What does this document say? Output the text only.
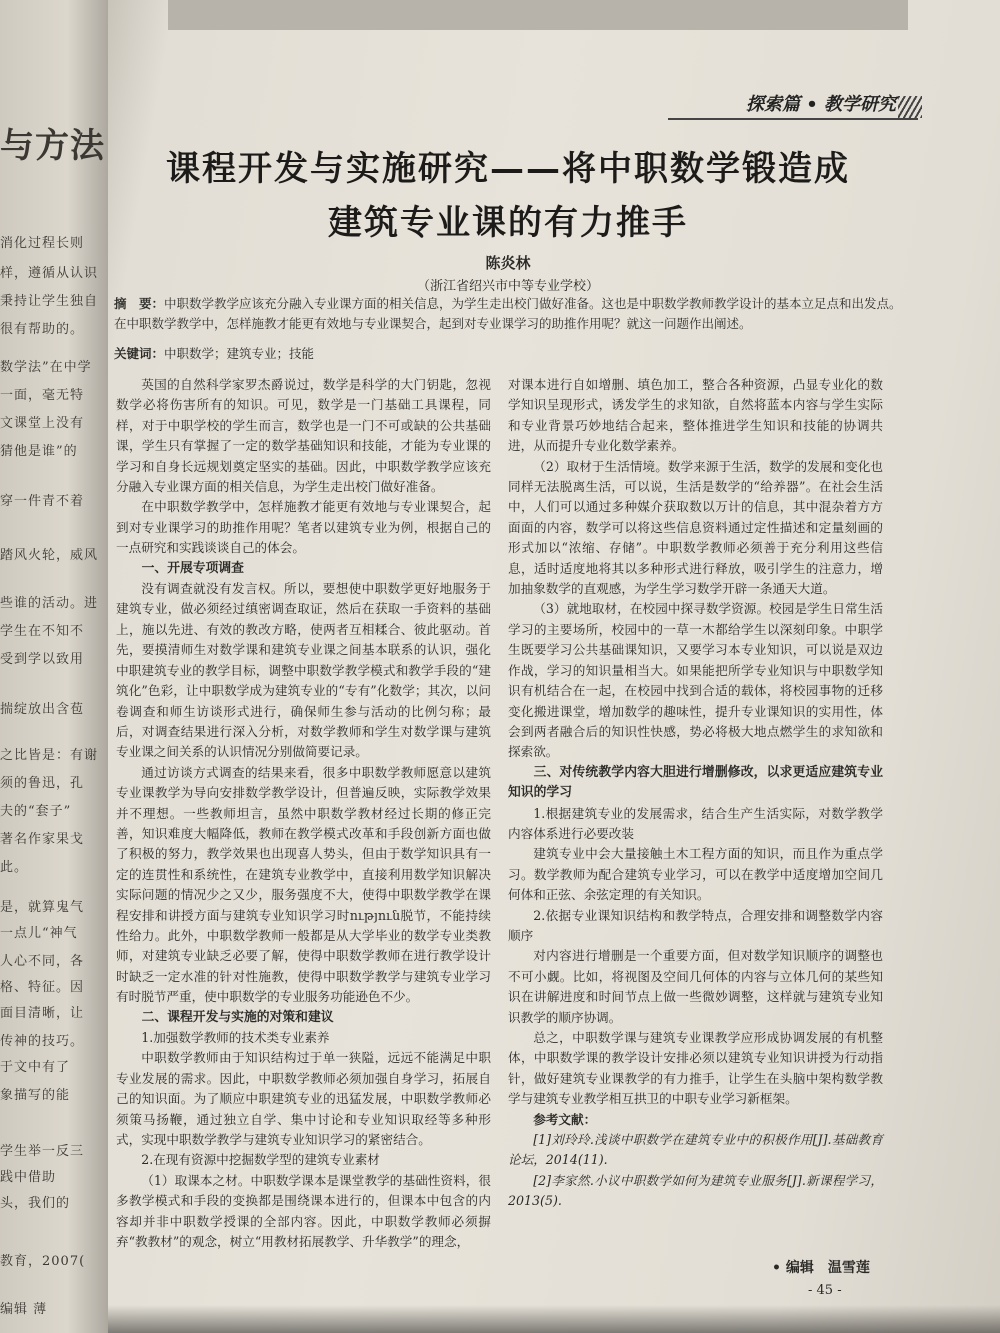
与方法
消化过程长则
样，遵循从认识
秉持让学生独自
很有帮助的。
数学法”在中学
一面，毫无特
文课堂上没有
猜他是谁”的
穿一件青不着
踏风火轮，威风
些谁的活动。进
学生在不知不
受到学以致用
揣绽放出含苞
之比皆是：有谢
须的鲁迅，孔
夫的“套子”
著名作家果戈
此。
是，就算鬼气
一点儿“神气
人心不同，各
格、特征。因
面目清晰，让
传神的技巧。
于文中有了
象描写的能
学生举一反三
践中借助
头，我们的
教育，2007(
编辑 薄
探索篇 • 教学研究
课程开发与实施研究——将中职数学锻造成
建筑专业课的有力推手
陈炎林
（浙江省绍兴市中等专业学校）
摘　要：中职数学教学应该充分融入专业课方面的相关信息，为学生走出校门做好准备。这也是中职数学教师教学设计的基本立足点和出发点。在中职数学教学中，怎样施教才能更有效地与专业课契合，起到对专业课学习的助推作用呢？就这一问题作出阐述。
关键词：中职数学；建筑专业；技能

英国的自然科学家罗杰爵说过，数学是科学的大门钥匙，忽视数学必将伤害所有的知识。可见，数学是一门基础工具课程，同样，对于中职学校的学生而言，数学也是一门不可或缺的公共基础课，学生只有掌握了一定的数学基础知识和技能，才能为专业课的学习和自身长远规划奠定坚实的基础。因此，中职数学教学应该充分融入专业课方面的相关信息，为学生走出校门做好准备。

在中职数学教学中，怎样施教才能更有效地与专业课契合，起到对专业课学习的助推作用呢？笔者以建筑专业为例，根据自己的一点研究和实践谈谈自己的体会。

一、开展专项调查

没有调查就没有发言权。所以，要想使中职数学更好地服务于建筑专业，做必须经过缜密调查取证，然后在获取一手资料的基础上，施以先进、有效的教改方略，使两者互相糅合、彼此驱动。首先，要摸清师生对数学课和建筑专业课之间基本联系的认识，强化中职建筑专业的教学目标，调整中职数学教学模式和教学手段的“建筑化”色彩，让中职数学成为建筑专业的“专有”化数学；其次，以问卷调查和师生访谈形式进行，确保师生参与活动的比例匀称；最后，对调查结果进行深入分析，对数学教师和学生对数学课与建筑专业课之间关系的认识情况分别做简要记录。

通过访谈方式调查的结果来看，很多中职数学教师愿意以建筑专业课教学为导向安排数学教学设计，但普遍反映，实际教学效果并不理想。一些教师坦言，虽然中职数学教材经过长期的修正完善，知识难度大幅降低，教师在教学模式改革和手段创新方面也做了积极的努力，教学效果也出现喜人势头，但由于数学知识具有一定的连贯性和系统性，在建筑专业教学中，直接利用数学知识解决实际问题的情况少之又少，服务强度不大，使得中职数学教学在课程安排和讲授方面与建筑专业知识学习时ություն脱节，不能持续性给力。此外，中职数学教师一般都是从大学毕业的数学专业类教师，对建筑专业缺乏必要了解，使得中职数学教师在进行教学设计时缺乏一定水准的针对性施教，使得中职数学教学与建筑专业学习有时脱节严重，使中职数学的专业服务功能逊色不少。

二、课程开发与实施的对策和建议

1.加强数学教师的技术类专业素养

中职数学教师由于知识结构过于单一狭隘，远远不能满足中职专业发展的需求。因此，中职数学教师必须加强自身学习，拓展自己的知识面。为了顺应中职建筑专业的迅猛发展，中职数学教师必须策马扬鞭，通过独立自学、集中讨论和专业知识取经等多种形式，实现中职数学教学与建筑专业知识学习的紧密结合。

2.在现有资源中挖掘数学型的建筑专业素材

（1）取课本之材。中职数学课本是课堂教学的基础性资料，很多教学模式和手段的变换都是围绕课本进行的，但课本中包含的内容却并非中职数学授课的全部内容。因此，中职数学教师必须摒弃“教教材”的观念，树立“用教材拓展教学、升华教学”的理念，

对课本进行自如增删、填色加工，整合各种资源，凸显专业化的数学知识呈现形式，诱发学生的求知欲，自然将蓝本内容与学生实际和专业背景巧妙地结合起来，整体推进学生知识和技能的协调共进，从而提升专业化数学素养。

（2）取材于生活情境。数学来源于生活，数学的发展和变化也同样无法脱离生活，可以说，生活是数学的“给养器”。在社会生活中，人们可以通过多种媒介获取数以万计的信息，其中混杂着方方面面的内容，数学可以将这些信息资料通过定性描述和定量刻画的形式加以“浓缩、存储”。中职数学教师必须善于充分利用这些信息，适时适度地将其以多种形式进行释放，吸引学生的注意力，增加抽象数学的直观感，为学生学习数学开辟一条通天大道。

（3）就地取材，在校园中探寻数学资源。校园是学生日常生活学习的主要场所，校园中的一草一木都给学生以深刻印象。中职学生既要学习公共基础课知识，又要学习本专业知识，可以说是双边作战，学习的知识量相当大。如果能把所学专业知识与中职数学知识有机结合在一起，在校园中找到合适的载体，将校园事物的迁移变化搬进课堂，增加数学的趣味性，提升专业课知识的实用性，体会到两者融合后的知识性快感，势必将极大地点燃学生的求知欲和探索欲。

三、对传统教学内容大胆进行增删修改，以求更适应建筑专业知识的学习

1.根据建筑专业的发展需求，结合生产生活实际，对数学教学内容体系进行必要改装

建筑专业中会大量接触土木工程方面的知识，而且作为重点学习。数学教师为配合建筑专业学习，可以在教学中适度增加空间几何体和正弦、余弦定理的有关知识。

2.依据专业课知识结构和教学特点，合理安排和调整数学内容顺序

对内容进行增删是一个重要方面，但对数学知识顺序的调整也不可小觑。比如，将视图及空间几何体的内容与立体几何的某些知识在讲解进度和时间节点上做一些微妙调整，这样就与建筑专业知识教学的顺序协调。

总之，中职数学课与建筑专业课教学应形成协调发展的有机整体，中职数学课的教学设计安排必须以建筑专业知识讲授为行动指针，做好建筑专业课教学的有力推手，让学生在头脑中架构数学教学与建筑专业教学相互拱卫的中职专业学习新框架。

参考文献：

[1]刘玲玲.浅谈中职数学在建筑专业中的积极作用[J].基础教育论坛，2014(11).

[2]李家然.小议中职数学如何为建筑专业服务[J].新课程学习，2013(5).

• 编辑　温雪莲
- 45 -
